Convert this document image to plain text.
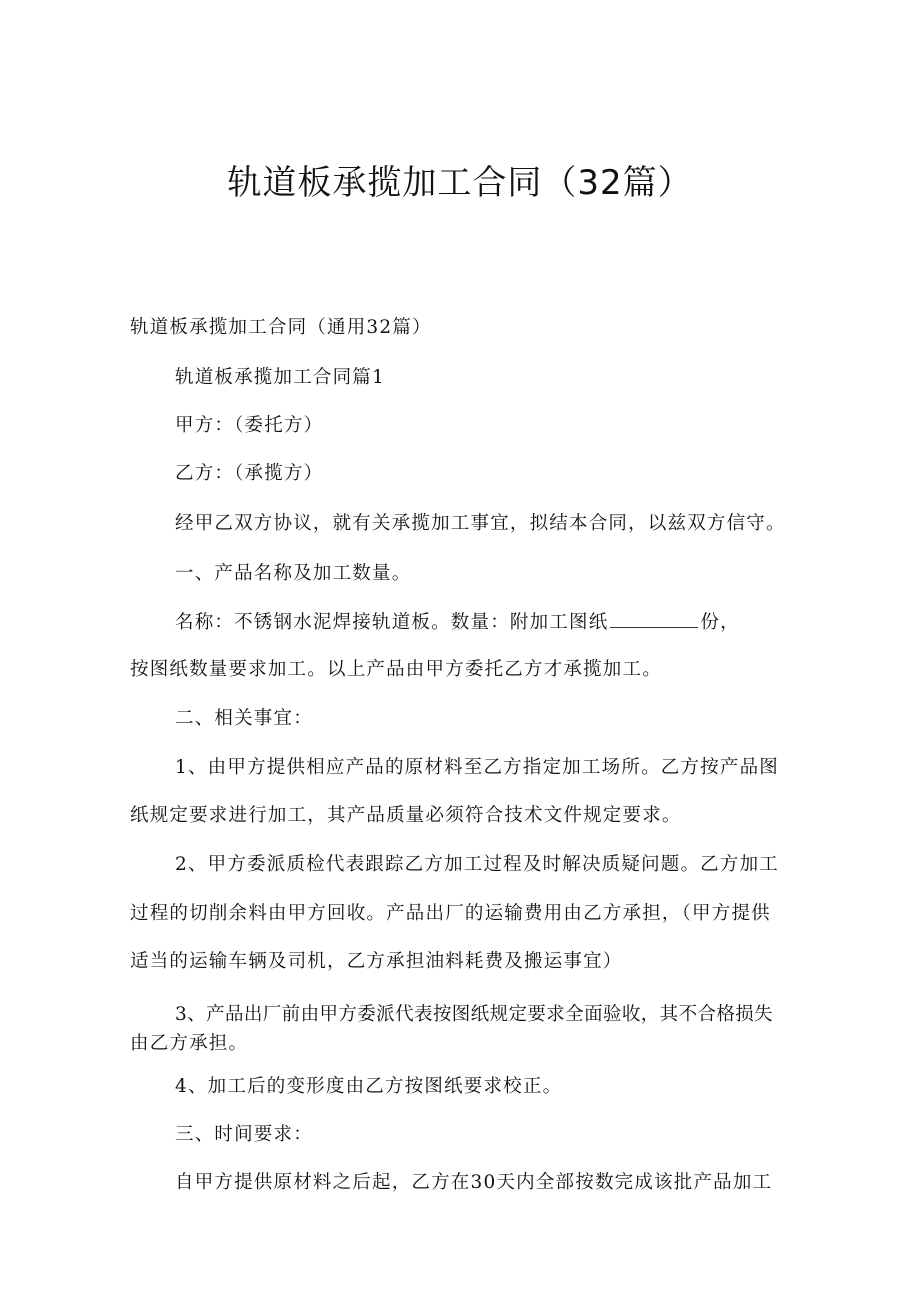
轨道板承揽加工合同（32篇）
轨道板承揽加工合同（通用32篇）
轨道板承揽加工合同篇1
甲方：（委托方）
乙方：（承揽方）
经甲乙双方协议，就有关承揽加工事宜，拟结本合同，以兹双方信守。
一、产品名称及加工数量。
名称：不锈钢水泥焊接轨道板。数量：附加工图纸	份，
按图纸数量要求加工。以上产品由甲方委托乙方才承揽加工。
二、相关事宜：
1、由甲方提供相应产品的原材料至乙方指定加工场所。乙方按产品图
纸规定要求进行加工，其产品质量必须符合技术文件规定要求。
2、甲方委派质检代表跟踪乙方加工过程及时解决质疑问题。乙方加工
过程的切削余料由甲方回收。产品出厂的运输费用由乙方承担，（甲方提供
适当的运输车辆及司机，乙方承担油料耗费及搬运事宜）
3、产品出厂前由甲方委派代表按图纸规定要求全面验收，其不合格损失
由乙方承担。
4、加工后的变形度由乙方按图纸要求校正。
三、时间要求：
自甲方提供原材料之后起，乙方在30天内全部按数完成该批产品加工
